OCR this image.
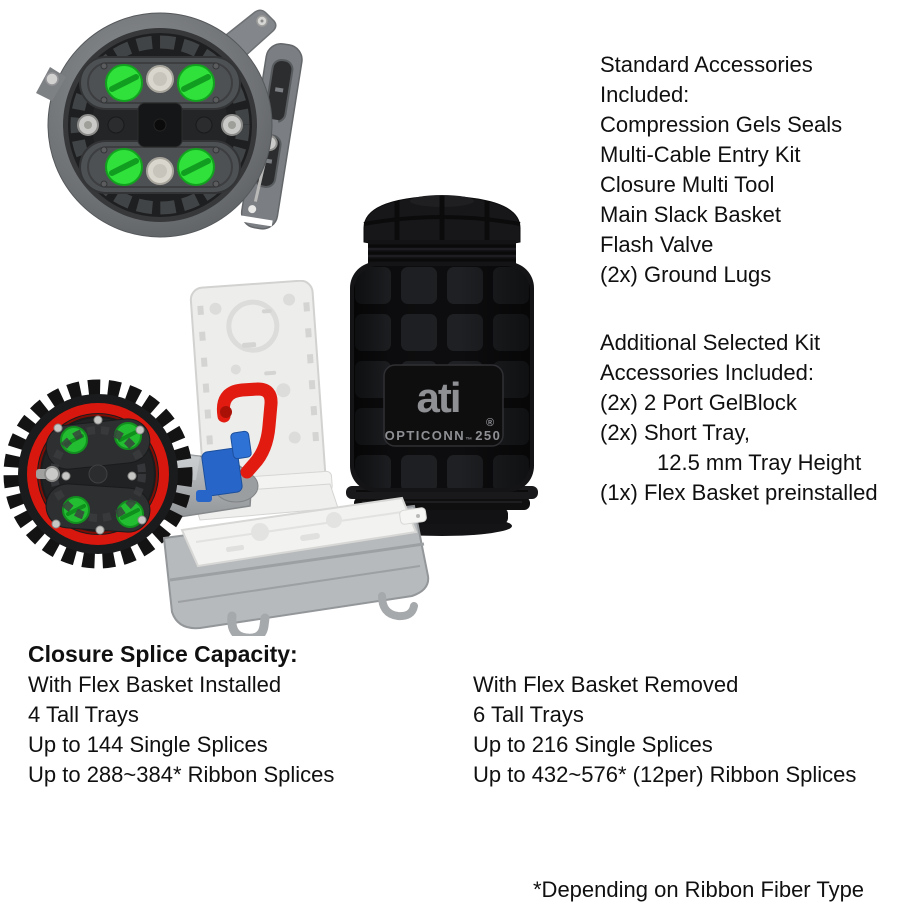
ati
®
OPTICONN™ 250
Standard Accessories
Included:
Compression Gels Seals
Multi-Cable Entry Kit
Closure Multi Tool
Main Slack Basket
Flash Valve
(2x) Ground Lugs
Additional Selected Kit
Accessories Included:
(2x) 2 Port GelBlock
(2x) Short Tray,
12.5 mm Tray Height
(1x) Flex Basket preinstalled
Closure Splice Capacity:
With Flex Basket Installed
4 Tall Trays
Up to 144 Single Splices
Up to 288~384* Ribbon Splices
With Flex Basket Removed
6 Tall Trays
Up to 216 Single Splices
Up to 432~576* (12per) Ribbon Splices
*Depending on Ribbon Fiber Type
